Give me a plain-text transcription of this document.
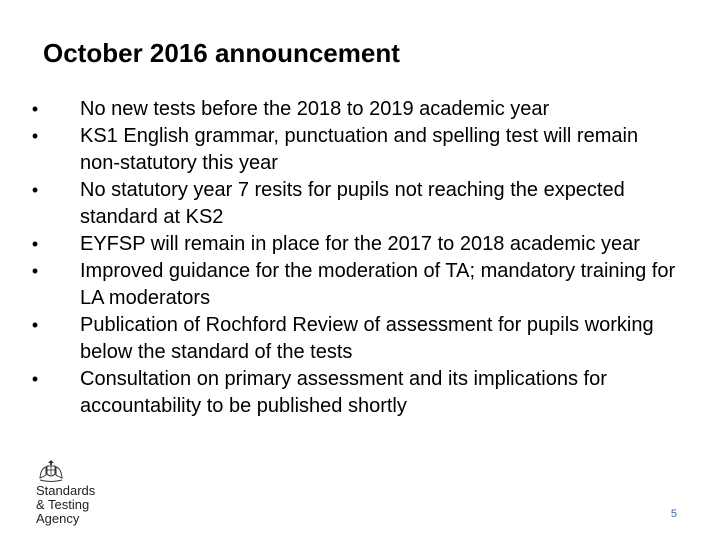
October 2016 announcement
• No new tests before the 2018 to 2019 academic year
• KS1 English grammar, punctuation and spelling test will remain non-statutory this year
• No statutory year 7 resits for pupils not reaching the expected standard at KS2
• EYFSP will remain in place for the 2017 to 2018 academic year
• Improved guidance for the moderation of TA; mandatory training for LA moderators
• Publication of Rochford Review of assessment for pupils working below the standard of the tests
• Consultation on primary assessment and its implications for accountability to be published shortly
Standards
& Testing
Agency	5
